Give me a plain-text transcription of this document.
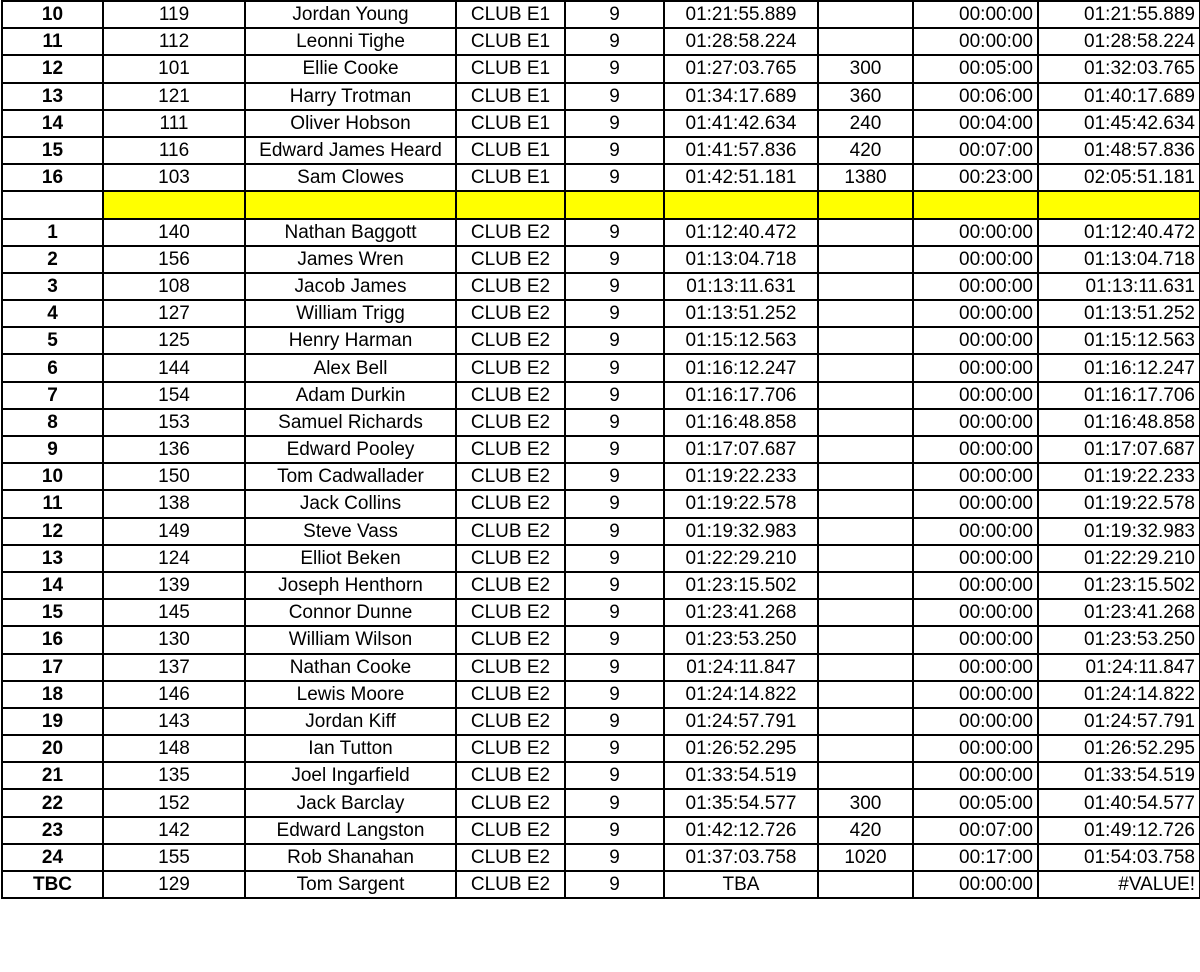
10	119	Jordan Young	CLUB E1	9	01:21:55.889		00:00:00	01:21:55.889
11	112	Leonni Tighe	CLUB E1	9	01:28:58.224		00:00:00	01:28:58.224
12	101	Ellie Cooke	CLUB E1	9	01:27:03.765	300	00:05:00	01:32:03.765
13	121	Harry Trotman	CLUB E1	9	01:34:17.689	360	00:06:00	01:40:17.689
14	111	Oliver Hobson	CLUB E1	9	01:41:42.634	240	00:04:00	01:45:42.634
15	116	Edward James Heard	CLUB E1	9	01:41:57.836	420	00:07:00	01:48:57.836
16	103	Sam Clowes	CLUB E1	9	01:42:51.181	1380	00:23:00	02:05:51.181

1	140	Nathan Baggott	CLUB E2	9	01:12:40.472		00:00:00	01:12:40.472
2	156	James Wren	CLUB E2	9	01:13:04.718		00:00:00	01:13:04.718
3	108	Jacob James	CLUB E2	9	01:13:11.631		00:00:00	01:13:11.631
4	127	William Trigg	CLUB E2	9	01:13:51.252		00:00:00	01:13:51.252
5	125	Henry Harman	CLUB E2	9	01:15:12.563		00:00:00	01:15:12.563
6	144	Alex Bell	CLUB E2	9	01:16:12.247		00:00:00	01:16:12.247
7	154	Adam Durkin	CLUB E2	9	01:16:17.706		00:00:00	01:16:17.706
8	153	Samuel Richards	CLUB E2	9	01:16:48.858		00:00:00	01:16:48.858
9	136	Edward Pooley	CLUB E2	9	01:17:07.687		00:00:00	01:17:07.687
10	150	Tom Cadwallader	CLUB E2	9	01:19:22.233		00:00:00	01:19:22.233
11	138	Jack Collins	CLUB E2	9	01:19:22.578		00:00:00	01:19:22.578
12	149	Steve Vass	CLUB E2	9	01:19:32.983		00:00:00	01:19:32.983
13	124	Elliot Beken	CLUB E2	9	01:22:29.210		00:00:00	01:22:29.210
14	139	Joseph Henthorn	CLUB E2	9	01:23:15.502		00:00:00	01:23:15.502
15	145	Connor Dunne	CLUB E2	9	01:23:41.268		00:00:00	01:23:41.268
16	130	William Wilson	CLUB E2	9	01:23:53.250		00:00:00	01:23:53.250
17	137	Nathan Cooke	CLUB E2	9	01:24:11.847		00:00:00	01:24:11.847
18	146	Lewis Moore	CLUB E2	9	01:24:14.822		00:00:00	01:24:14.822
19	143	Jordan Kiff	CLUB E2	9	01:24:57.791		00:00:00	01:24:57.791
20	148	Ian Tutton	CLUB E2	9	01:26:52.295		00:00:00	01:26:52.295
21	135	Joel Ingarfield	CLUB E2	9	01:33:54.519		00:00:00	01:33:54.519
22	152	Jack Barclay	CLUB E2	9	01:35:54.577	300	00:05:00	01:40:54.577
23	142	Edward Langston	CLUB E2	9	01:42:12.726	420	00:07:00	01:49:12.726
24	155	Rob Shanahan	CLUB E2	9	01:37:03.758	1020	00:17:00	01:54:03.758
TBC	129	Tom Sargent	CLUB E2	9	TBA		00:00:00	#VALUE!
